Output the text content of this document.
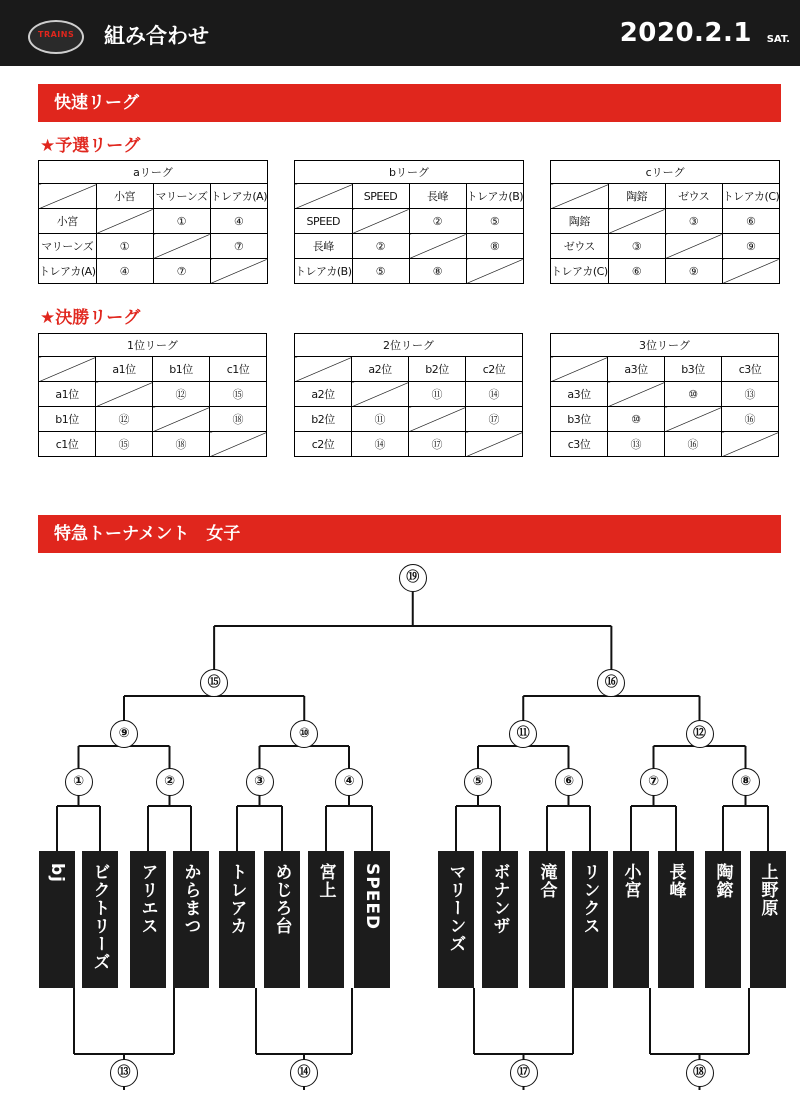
TRAINS 組み合わせ	2020.2.1 SAT.
快速リーグ
★予選リーグ
★決勝リーグ
特急トーナメント　女子
aリーグ			
	小宮	マリーンズ	トレアカ(A)
小宮		①	④
マリーンズ	①		⑦
トレアカ(A)	④	⑦	
bリーグ			
	SPEED	長峰	トレアカ(B)
SPEED		②	⑤
長峰	②		⑧
トレアカ(B)	⑤	⑧	
cリーグ			
	陶鎔	ゼウス	トレアカ(C)
陶鎔		③	⑥
ゼウス	③		⑨
トレアカ(C)	⑥	⑨	
1位リーグ			
	a1位	b1位	c1位
a1位		⑫	⑮
b1位	⑫		⑱
c1位	⑮	⑱	
2位リーグ			
	a2位	b2位	c2位
a2位		⑪	⑭
b2位	⑪		⑰
c2位	⑭	⑰	
3位リーグ			
	a3位	b3位	c3位
a3位		⑩	⑬
b3位	⑩		⑯
c3位	⑬	⑯	
bj	ビクトリーズ	アリエス	からまつ	トレアカ	めじろ台	宮上	SPEED	マリーンズ	ボナンザ	滝合	リンクス	小宮	長峰	陶鎔	上野原
①	②	③	④	⑤	⑥	⑦	⑧
⑨	⑩	⑪	⑫
⑮	⑯
⑲
⑬	⑭	⑰	⑱
